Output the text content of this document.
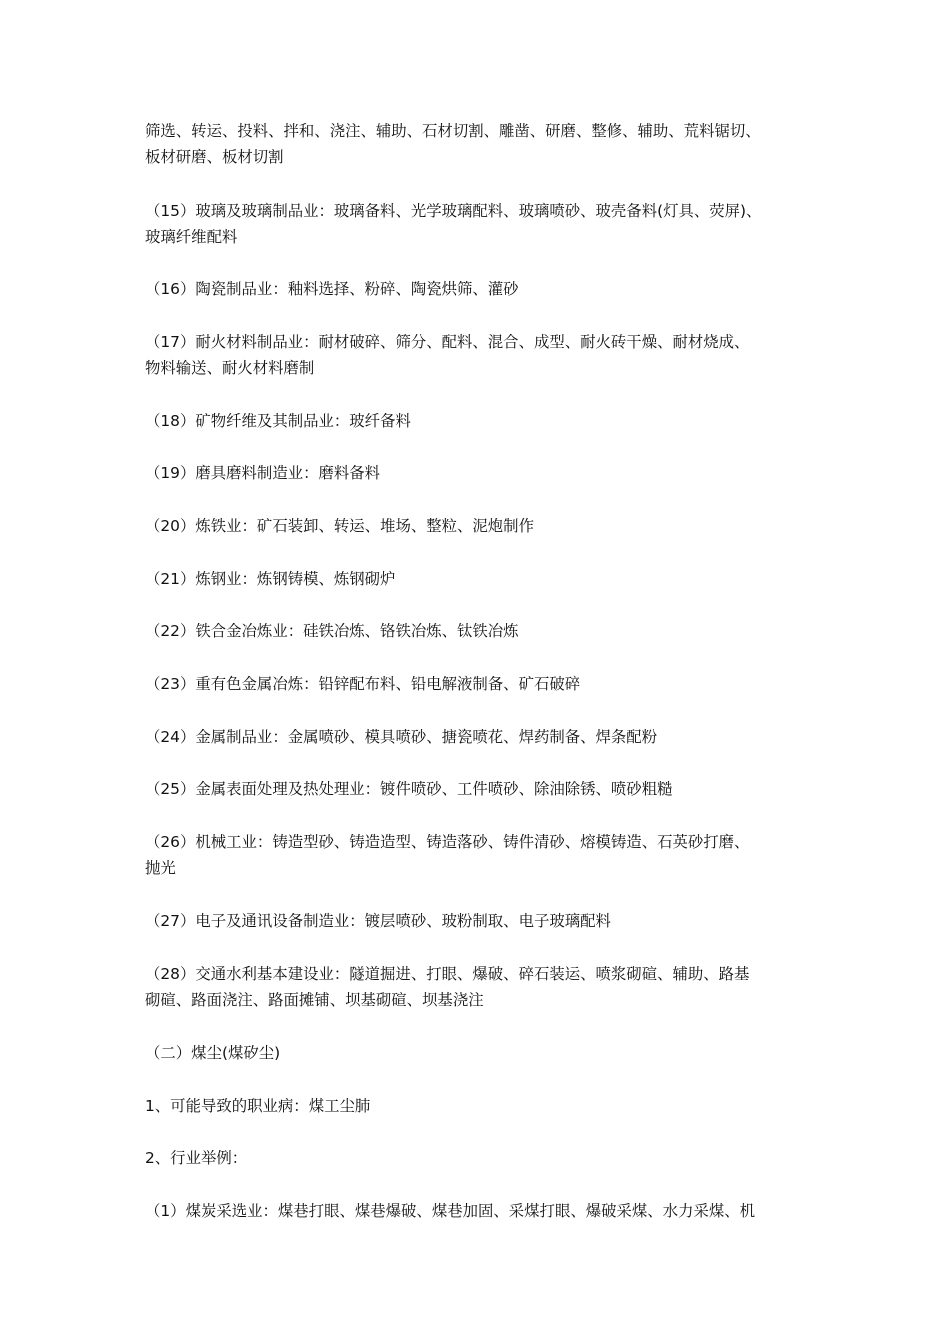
筛选、转运、投料、拌和、浇注、辅助、石材切割、雕凿、研磨、整修、辅助、荒料锯切、
板材研磨、板材切割

（15）玻璃及玻璃制品业：玻璃备料、光学玻璃配料、玻璃喷砂、玻壳备料(灯具、荧屏)、
玻璃纤维配料

（16）陶瓷制品业：釉料选择、粉碎、陶瓷烘筛、灌砂

（17）耐火材料制品业：耐材破碎、筛分、配料、混合、成型、耐火砖干燥、耐材烧成、
物料输送、耐火材料磨制

（18）矿物纤维及其制品业：玻纤备料

（19）磨具磨料制造业：磨料备料

（20）炼铁业：矿石装卸、转运、堆场、整粒、泥炮制作

（21）炼钢业：炼钢铸模、炼钢砌炉

（22）铁合金冶炼业：硅铁冶炼、铬铁冶炼、钛铁冶炼

（23）重有色金属冶炼：铅锌配布料、铅电解液制备、矿石破碎

（24）金属制品业：金属喷砂、模具喷砂、搪瓷喷花、焊药制备、焊条配粉

（25）金属表面处理及热处理业：镀件喷砂、工件喷砂、除油除锈、喷砂粗糙

（26）机械工业：铸造型砂、铸造造型、铸造落砂、铸件清砂、熔模铸造、石英砂打磨、
抛光

（27）电子及通讯设备制造业：镀层喷砂、玻粉制取、电子玻璃配料

（28）交通水利基本建设业：隧道掘进、打眼、爆破、碎石装运、喷浆砌碹、辅助、路基
砌碹、路面浇注、路面摊铺、坝基砌碹、坝基浇注

（二）煤尘(煤矽尘)

1、可能导致的职业病：煤工尘肺

2、行业举例：

（1）煤炭采选业：煤巷打眼、煤巷爆破、煤巷加固、采煤打眼、爆破采煤、水力采煤、机
